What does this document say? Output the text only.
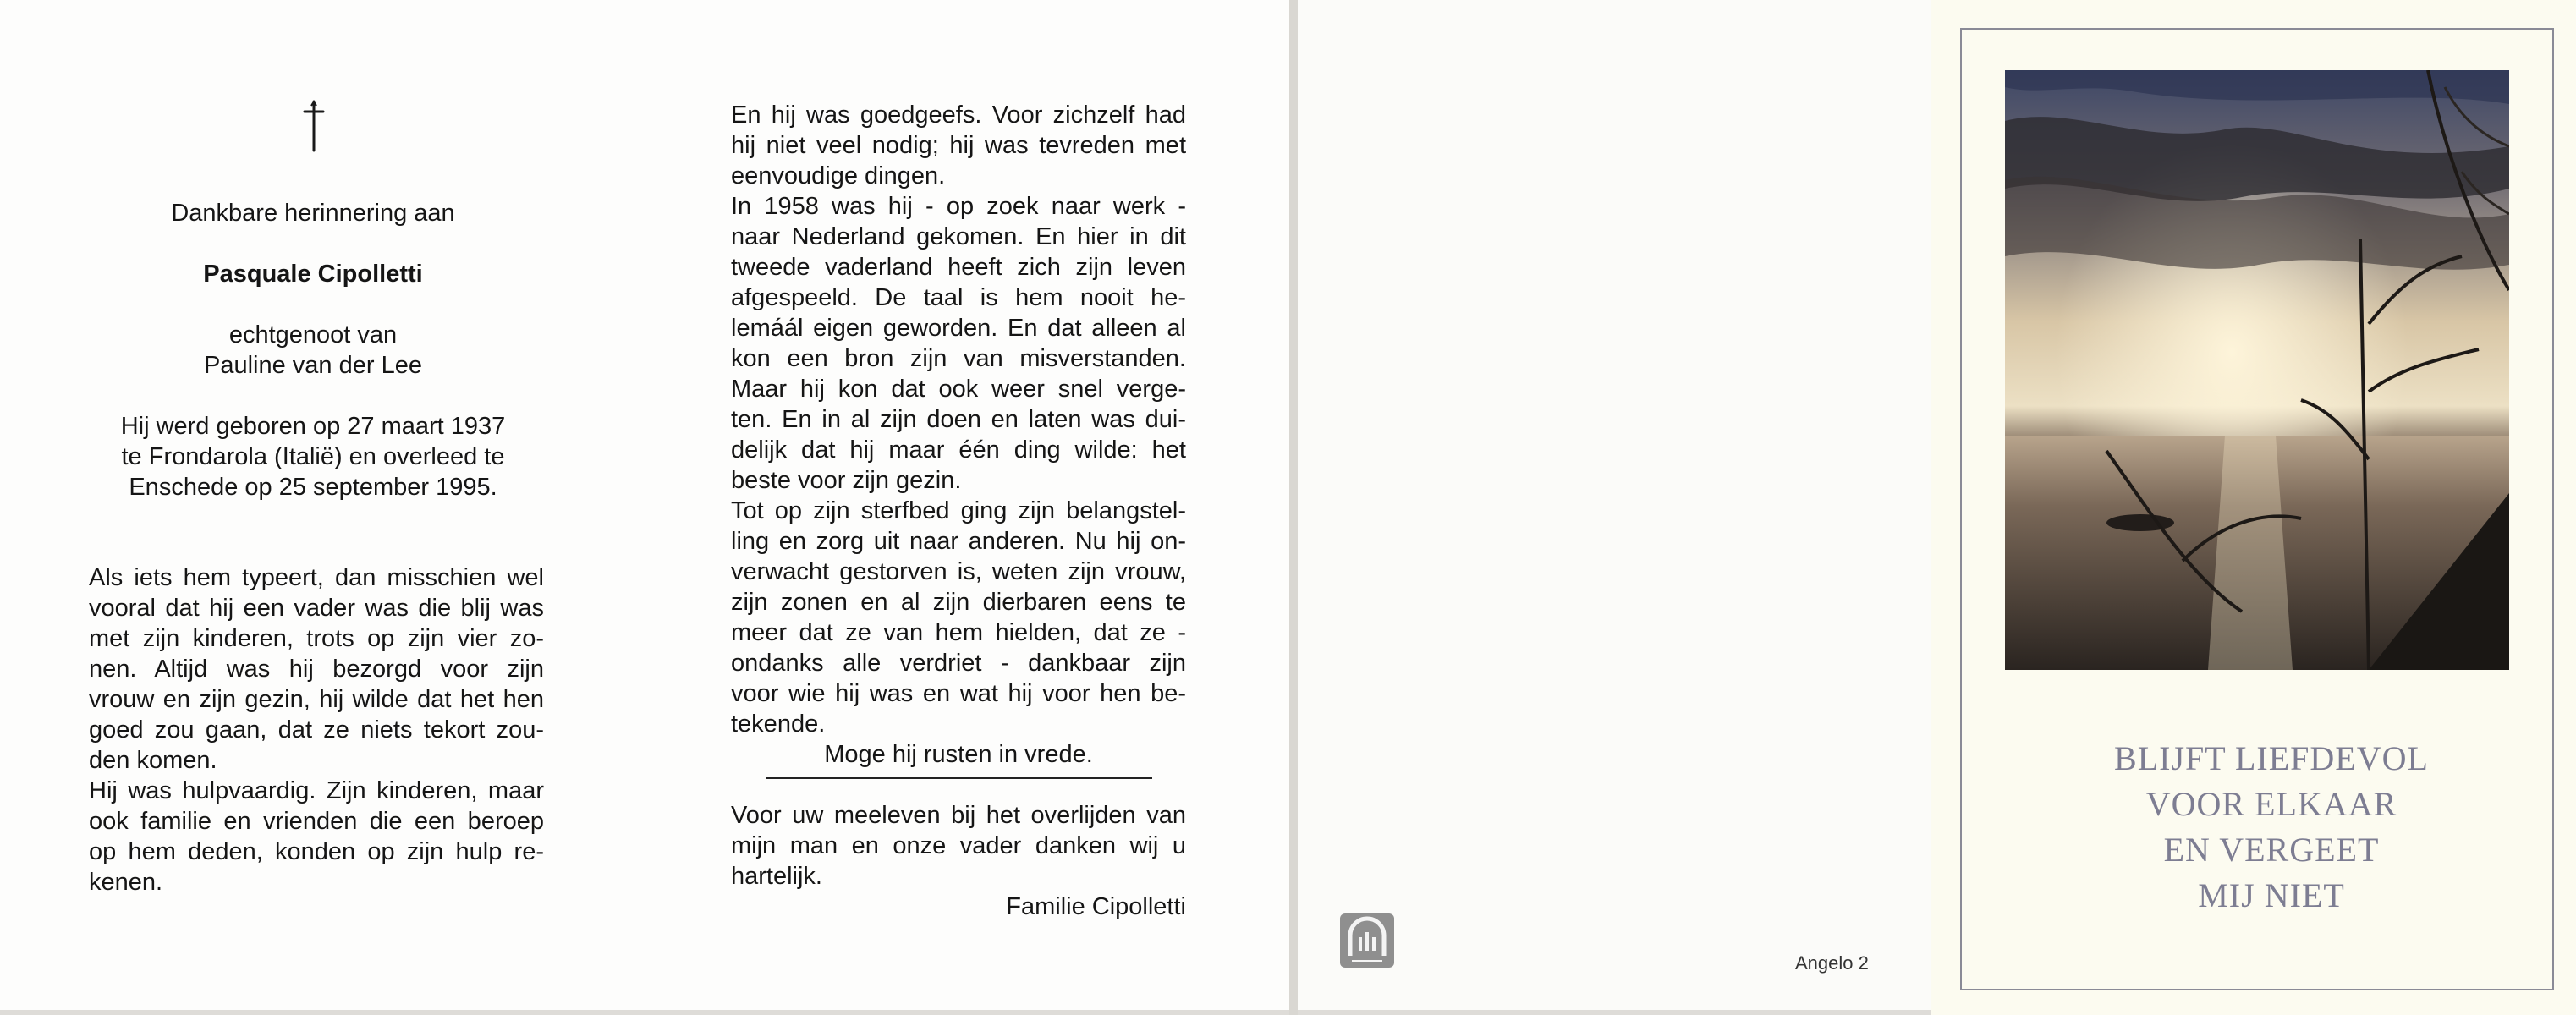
Dankbare herinnering aan
Pasquale Cipolletti
echtgenoot van
Pauline van der Lee
Hij werd geboren op 27 maart 1937
te Frondarola (Italië) en overleed te
Enschede op 25 september 1995.
Als iets hem typeert, dan misschien wel
vooral dat hij een vader was die blij was
met zijn kinderen, trots op zijn vier zo-
nen. Altijd was hij bezorgd voor zijn
vrouw en zijn gezin, hij wilde dat het hen
goed zou gaan, dat ze niets tekort zou-
den komen.
Hij was hulpvaardig. Zijn kinderen, maar
ook familie en vrienden die een beroep
op hem deden, konden op zijn hulp re-
kenen.
En hij was goedgeefs. Voor zichzelf had
hij niet veel nodig; hij was tevreden met
eenvoudige dingen.
In 1958 was hij - op zoek naar werk -
naar Nederland gekomen. En hier in dit
tweede vaderland heeft zich zijn leven
afgespeeld. De taal is hem nooit he-
lemáál eigen geworden. En dat alleen al
kon een bron zijn van misverstanden.
Maar hij kon dat ook weer snel verge-
ten. En in al zijn doen en laten was dui-
delijk dat hij maar één ding wilde: het
beste voor zijn gezin.
Tot op zijn sterfbed ging zijn belangstel-
ling en zorg uit naar anderen. Nu hij on-
verwacht gestorven is, weten zijn vrouw,
zijn zonen en al zijn dierbaren eens te
meer dat ze van hem hielden, dat ze -
ondanks alle verdriet - dankbaar zijn
voor wie hij was en wat hij voor hen be-
tekende.
Moge hij rusten in vrede.
Voor uw meeleven bij het overlijden van
mijn man en onze vader danken wij u
hartelijk.
Familie Cipolletti
Angelo 2
BLIJFT LIEFDEVOL
VOOR ELKAAR
EN VERGEET
MIJ NIET
